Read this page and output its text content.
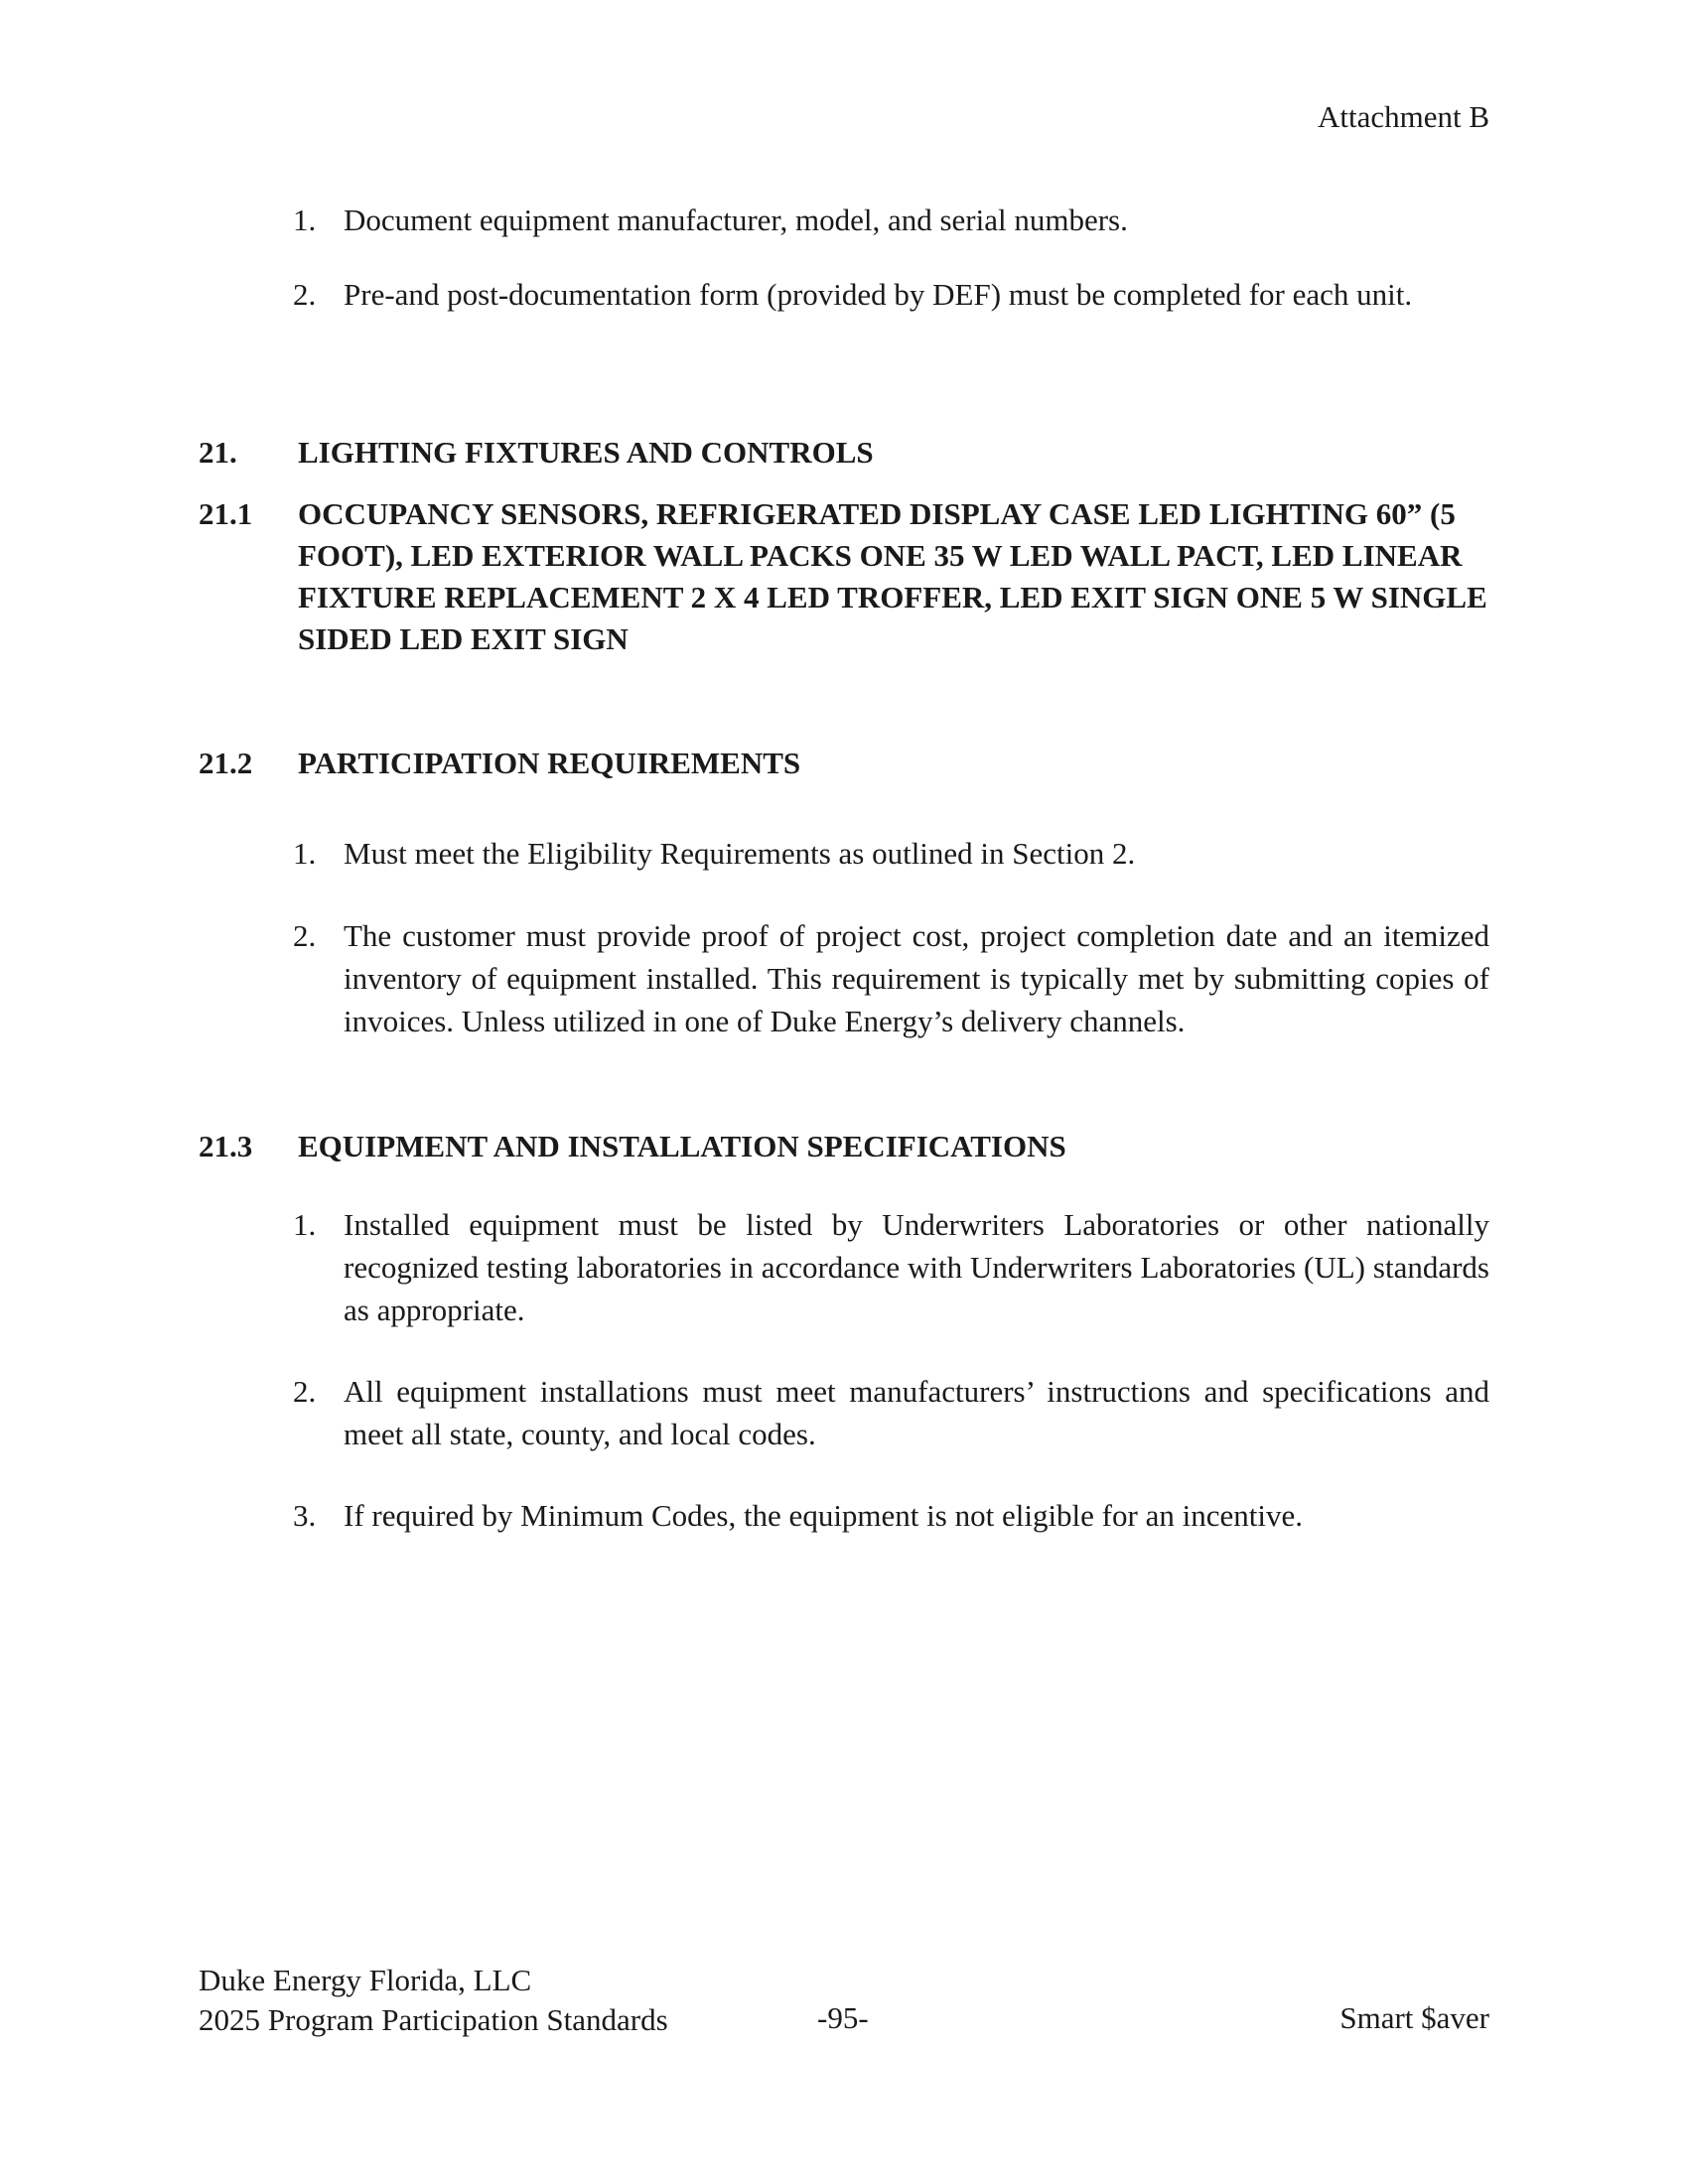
Attachment B
1. Document equipment manufacturer, model, and serial numbers.
2. Pre-and post-documentation form (provided by DEF) must be completed for each unit.
21. LIGHTING FIXTURES AND CONTROLS
21.1 OCCUPANCY SENSORS, REFRIGERATED DISPLAY CASE LED LIGHTING 60” (5 FOOT), LED EXTERIOR WALL PACKS ONE 35 W LED WALL PACT, LED LINEAR FIXTURE REPLACEMENT 2 X 4 LED TROFFER, LED EXIT SIGN ONE 5 W SINGLE SIDED LED EXIT SIGN
21.2 PARTICIPATION REQUIREMENTS
1. Must meet the Eligibility Requirements as outlined in Section 2.
2. The customer must provide proof of project cost, project completion date and an itemized inventory of equipment installed. This requirement is typically met by submitting copies of invoices. Unless utilized in one of Duke Energy’s delivery channels.
21.3 EQUIPMENT AND INSTALLATION SPECIFICATIONS
1. Installed equipment must be listed by Underwriters Laboratories or other nationally recognized testing laboratories in accordance with Underwriters Laboratories (UL) standards as appropriate.
2. All equipment installations must meet manufacturers’ instructions and specifications and meet all state, county, and local codes.
3. If required by Minimum Codes, the equipment is not eligible for an incentive.
Duke Energy Florida, LLC
2025 Program Participation Standards	-95-	Smart $aver
